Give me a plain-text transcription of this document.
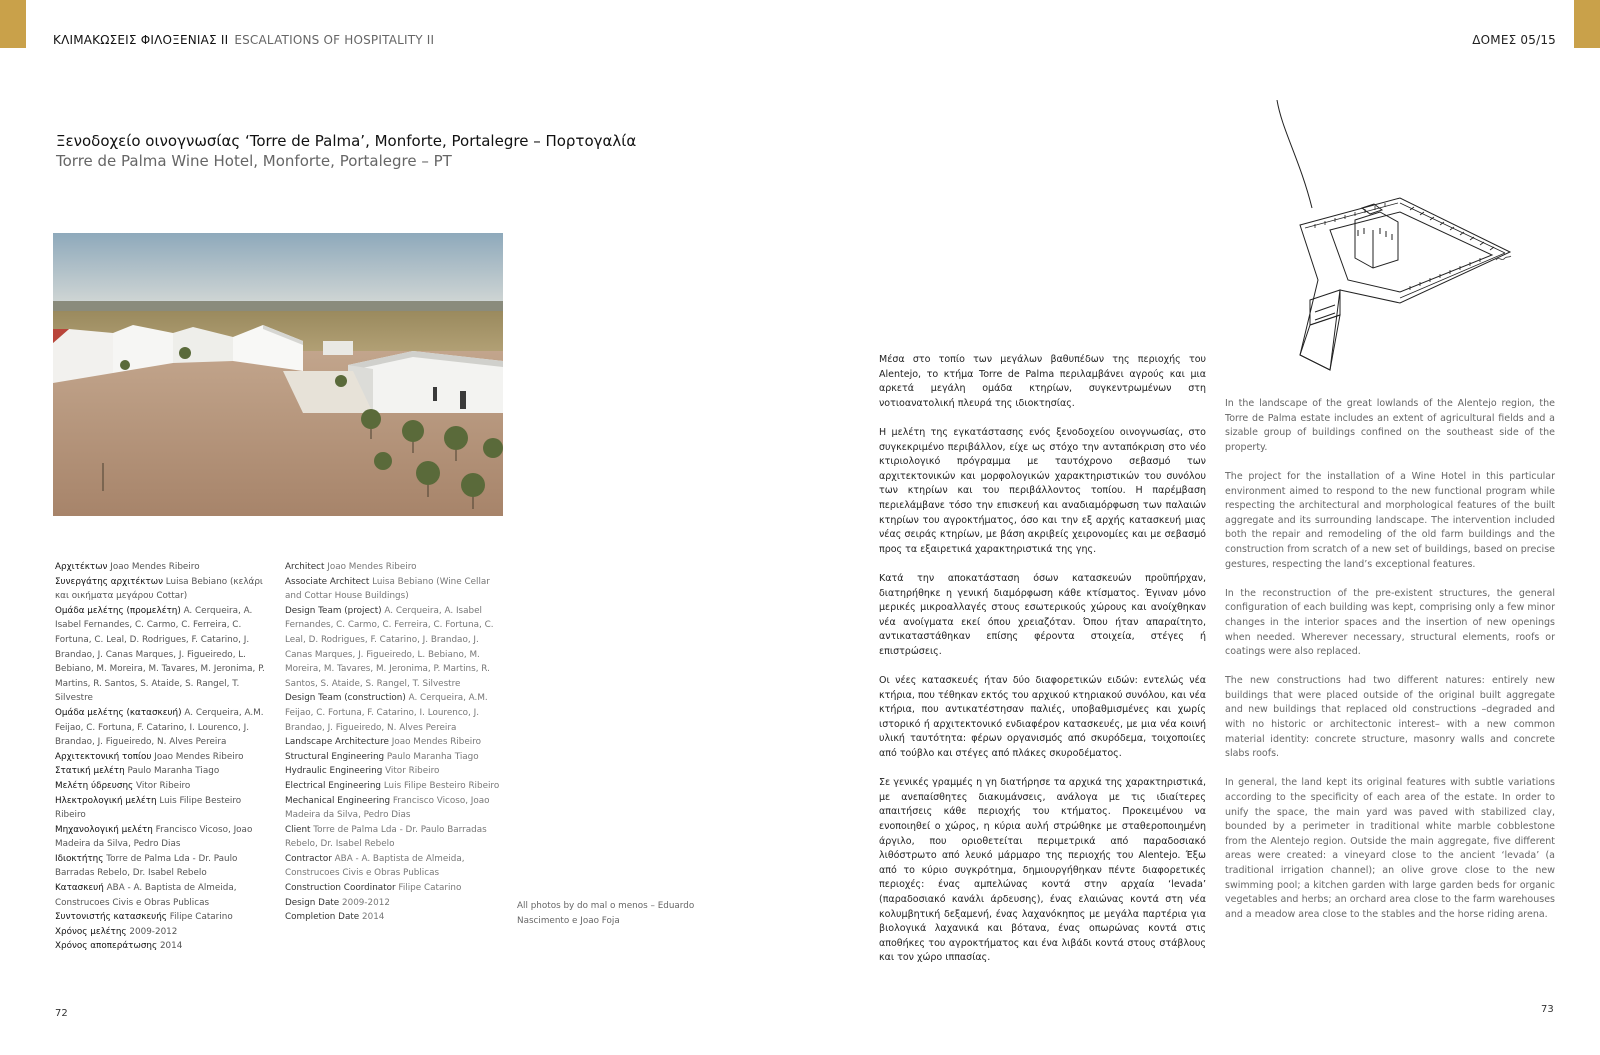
ΚΛΙΜΑΚΩΣΕΙΣ ΦΙΛΟΞΕΝΙΑΣ II ESCALATIONS OF HOSPITALITY II	ΔΟΜΕΣ 05/15
Ξενοδοχείο οινογνωσίας ‘Torre de Palma’, Monforte, Portalegre – Πορτογαλία
Torre de Palma Wine Hotel, Monforte, Portalegre – PT
Αρχιτέκτων Joao Mendes Ribeiro
Συνεργάτης αρχιτέκτων Luisa Bebiano (κελάρι και οικήματα μεγάρου Cottar)
Ομάδα μελέτης (προμελέτη) A. Cerqueira, A. Isabel Fernandes, C. Carmo, C. Ferreira, C. Fortuna, C. Leal, D. Rodrigues, F. Catarino, J. Brandao, J. Canas Marques, J. Figueiredo, L. Bebiano, M. Moreira, M. Tavares, M. Jeronima, P. Martins, R. Santos, S. Ataide, S. Rangel, T. Silvestre
Ομάδα μελέτης (κατασκευή) A. Cerqueira, A.M. Feijao, C. Fortuna, F. Catarino, I. Lourenco, J. Brandao, J. Figueiredo, N. Alves Pereira
Αρχιτεκτονική τοπίου Joao Mendes Ribeiro
Στατική μελέτη Paulo Maranha Tiago
Μελέτη ύδρευσης Vitor Ribeiro
Ηλεκτρολογική μελέτη Luis Filipe Besteiro Ribeiro
Μηχανολογική μελέτη Francisco Vicoso, Joao Madeira da Silva, Pedro Dias
Ιδιοκτήτης Torre de Palma Lda - Dr. Paulo Barradas Rebelo, Dr. Isabel Rebelo
Κατασκευή ABA - A. Baptista de Almeida, Construcoes Civis e Obras Publicas
Συντονιστής κατασκευής Filipe Catarino
Χρόνος μελέτης 2009-2012
Χρόνος αποπεράτωσης 2014
Architect Joao Mendes Ribeiro
Associate Architect Luisa Bebiano (Wine Cellar and Cottar House Buildings)
Design Team (project) A. Cerqueira, A. Isabel Fernandes, C. Carmo, C. Ferreira, C. Fortuna, C. Leal, D. Rodrigues, F. Catarino, J. Brandao, J. Canas Marques, J. Figueiredo, L. Bebiano, M. Moreira, M. Tavares, M. Jeronima, P. Martins, R. Santos, S. Ataide, S. Rangel, T. Silvestre
Design Team (construction) A. Cerqueira, A.M. Feijao, C. Fortuna, F. Catarino, I. Lourenco, J. Brandao, J. Figueiredo, N. Alves Pereira
Landscape Architecture Joao Mendes Ribeiro
Structural Engineering Paulo Maranha Tiago
Hydraulic Engineering Vitor Ribeiro
Electrical Engineering Luis Filipe Besteiro Ribeiro
Mechanical Engineering Francisco Vicoso, Joao Madeira da Silva, Pedro Dias
Client Torre de Palma Lda - Dr. Paulo Barradas Rebelo, Dr. Isabel Rebelo
Contractor ABA - A. Baptista de Almeida, Construcoes Civis e Obras Publicas
Construction Coordinator Filipe Catarino
Design Date 2009-2012
Completion Date 2014
All photos by do mal o menos – Eduardo Nascimento e Joao Foja
72	73

Μέσα στο τοπίο των μεγάλων βαθυπέδων της περιοχής του Alentejo, το κτήμα Torre de Palma περιλαμβάνει αγρούς και μια αρκετά μεγάλη ομάδα κτηρίων, συγκεντρωμένων στη νοτιοανατολική πλευρά της ιδιοκτησίας.

Η μελέτη της εγκατάστασης ενός ξενοδοχείου οινογνωσίας, στο συγκεκριμένο περιβάλλον, είχε ως στόχο την ανταπόκριση στο νέο κτιριολογικό πρόγραμμα με ταυτόχρονο σεβασμό των αρχιτεκτονικών και μορφολογικών χαρακτηριστικών του συνόλου των κτηρίων και του περιβάλλοντος τοπίου. Η παρέμβαση περιελάμβανε τόσο την επισκευή και αναδιαμόρφωση των παλαιών κτηρίων του αγροκτήματος, όσο και την εξ αρχής κατασκευή μιας νέας σειράς κτηρίων, με βάση ακριβείς χειρονομίες και με σεβασμό προς τα εξαιρετικά χαρακτηριστικά της γης.

Κατά την αποκατάσταση όσων κατασκευών προϋπήρχαν, διατηρήθηκε η γενική διαμόρφωση κάθε κτίσματος. Έγιναν μόνο μερικές μικροαλλαγές στους εσωτερικούς χώρους και ανοίχθηκαν νέα ανοίγματα εκεί όπου χρειαζόταν. Όπου ήταν απαραίτητο, αντικαταστάθηκαν επίσης φέροντα στοιχεία, στέγες ή επιστρώσεις.

Οι νέες κατασκευές ήταν δύο διαφορετικών ειδών: εντελώς νέα κτήρια, που τέθηκαν εκτός του αρχικού κτηριακού συνόλου, και νέα κτήρια, που αντικατέστησαν παλιές, υποβαθμισμένες και χωρίς ιστορικό ή αρχιτεκτονικό ενδιαφέρον κατασκευές, με μια νέα κοινή υλική ταυτότητα: φέρων οργανισμός από σκυρόδεμα, τοιχοποιίες από τούβλο και στέγες από πλάκες σκυροδέματος.

Σε γενικές γραμμές η γη διατήρησε τα αρχικά της χαρακτηριστικά, με ανεπαίσθητες διακυμάνσεις, ανάλογα με τις ιδιαίτερες απαιτήσεις κάθε περιοχής του κτήματος. Προκειμένου να ενοποιηθεί ο χώρος, η κύρια αυλή στρώθηκε με σταθεροποιημένη άργιλο, που οριοθετείται περιμετρικά από παραδοσιακό λιθόστρωτο από λευκό μάρμαρο της περιοχής του Alentejo. Έξω από το κύριο συγκρότημα, δημιουργήθηκαν πέντε διαφορετικές περιοχές: ένας αμπελώνας κοντά στην αρχαία ‘levada’ (παραδοσιακό κανάλι άρδευσης), ένας ελαιώνας κοντά στη νέα κολυμβητική δεξαμενή, ένας λαχανόκηπος με μεγάλα παρτέρια για βιολογικά λαχανικά και βότανα, ένας οπωρώνας κοντά στις αποθήκες του αγροκτήματος και ένα λιβάδι κοντά στους στάβλους και τον χώρο ιππασίας.

In the landscape of the great lowlands of the Alentejo region, the Torre de Palma estate includes an extent of agricultural fields and a sizable group of buildings confined on the southeast side of the property.

The project for the installation of a Wine Hotel in this particular environment aimed to respond to the new functional program while respecting the architectural and morphological features of the built aggregate and its surrounding landscape. The intervention included both the repair and remodeling of the old farm buildings and the construction from scratch of a new set of buildings, based on precise gestures, respecting the land’s exceptional features.

In the reconstruction of the pre-existent structures, the general configuration of each building was kept, comprising only a few minor changes in the interior spaces and the insertion of new openings when needed. Wherever necessary, structural elements, roofs or coatings were also replaced.

The new constructions had two different natures: entirely new buildings that were placed outside of the original built aggregate and new buildings that replaced old constructions –degraded and with no historic or architectonic interest– with a new common material identity: concrete structure, masonry walls and concrete slabs roofs.

In general, the land kept its original features with subtle variations according to the specificity of each area of the estate. In order to unify the space, the main yard was paved with stabilized clay, bounded by a perimeter in traditional white marble cobblestone from the Alentejo region. Outside the main aggregate, five different areas were created: a vineyard close to the ancient ‘levada’ (a traditional irrigation channel); an olive grove close to the new swimming pool; a kitchen garden with large garden beds for organic vegetables and herbs; an orchard area close to the farm warehouses and a meadow area close to the stables and the horse riding arena.
